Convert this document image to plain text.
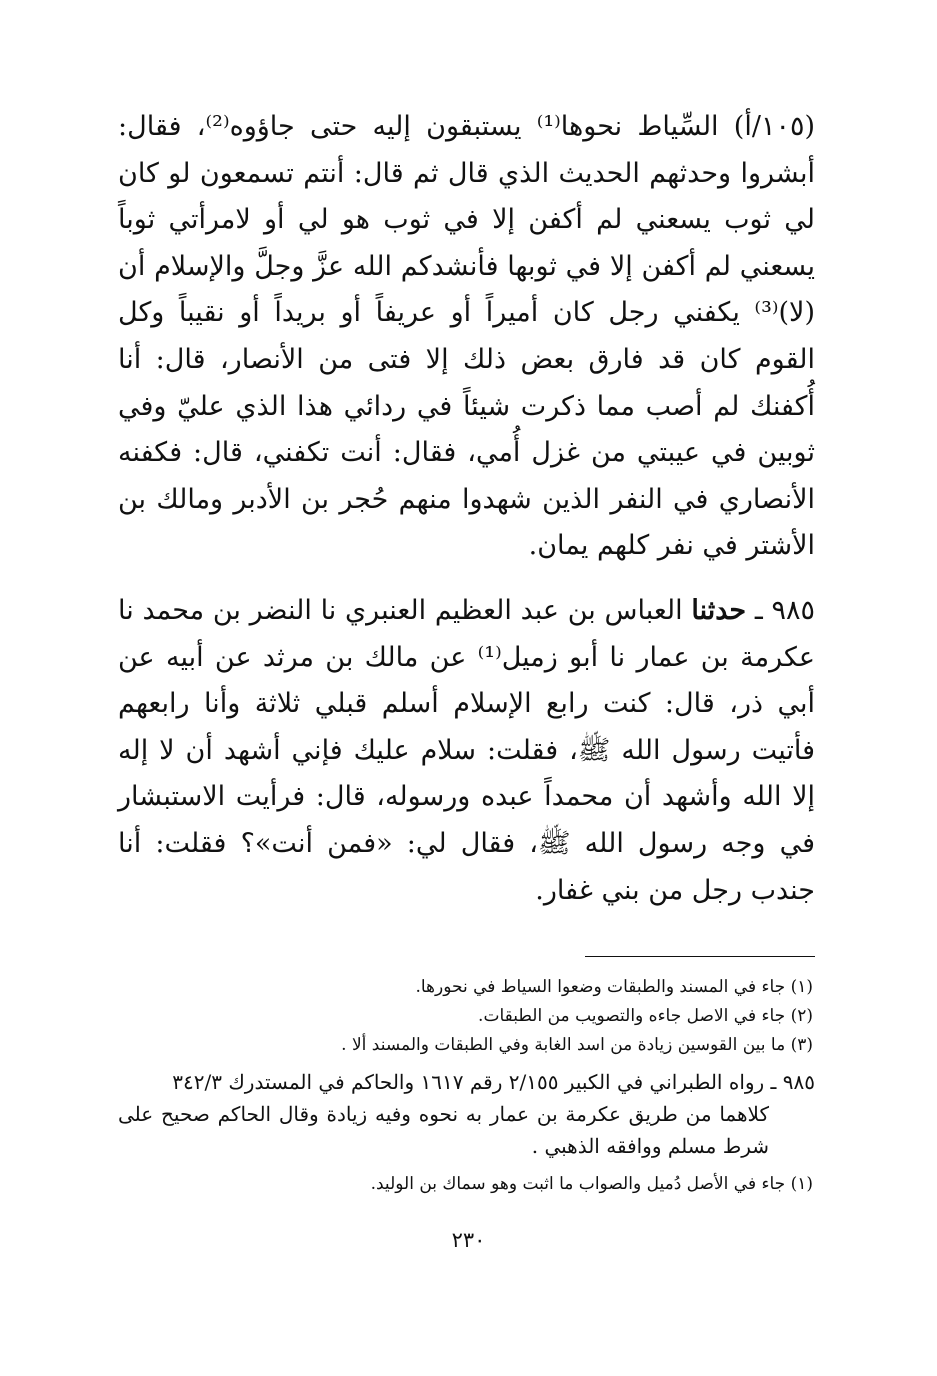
(١٠٥/أ) السِّياط نحوها⁽¹⁾ يستبقون إليه حتى جاؤوه⁽²⁾، فقال: أبشروا وحدثهم الحديث الذي قال ثم قال: أنتم تسمعون لو كان لي ثوب يسعني لم أكفن إلا في ثوب هو لي أو لامرأتي ثوباً يسعني لم أكفن إلا في ثوبها فأنشدكم الله عزَّ وجلَّ والإسلام أن (لا)⁽³⁾ يكفني رجل كان أميراً أو عريفاً أو بريداً أو نقيباً وكل القوم كان قد فارق بعض ذلك إلا فتى من الأنصار، قال: أنا أُكفنك لم أصب مما ذكرت شيئاً في ردائي هذا الذي عليّ وفي ثوبين في عيبتي من غزل أُمي، فقال: أنت تكفني، قال: فكفنه الأنصاري في النفر الذين شهدوا منهم حُجر بن الأدبر ومالك بن الأشتر في نفر كلهم يمان.

٩٨٥ ـ حدثنا العباس بن عبد العظيم العنبري نا النضر بن محمد نا عكرمة بن عمار نا أبو زميل⁽¹⁾ عن مالك بن مرثد عن أبيه عن أبي ذر، قال: كنت رابع الإسلام أسلم قبلي ثلاثة وأنا رابعهم فأتيت رسول الله ﷺ، فقلت: سلام عليك فإني أشهد أن لا إله إلا الله وأشهد أن محمداً عبده ورسوله، قال: فرأيت الاستبشار في وجه رسول الله ﷺ، فقال لي: «فمن أنت»؟ فقلت: أنا جندب رجل من بني غفار.

(١) جاء في المسند والطبقات وضعوا السياط في نحورها.

(٢) جاء في الاصل جاءه والتصويب من الطبقات.

(٣) ما بين القوسين زيادة من اسد الغابة وفي الطبقات والمسند ألا .

٩٨٥ ـ رواه الطبراني في الكبير ٢/١٥٥ رقم ١٦١٧ والحاكم في المستدرك ٣٤٢/٣
كلاهما من طريق عكرمة بن عمار به نحوه وفيه زيادة وقال الحاكم صحيح على شرط مسلم ووافقه الذهبي .

(١) جاء في الأصل دُميل والصواب ما اثبت وهو سماك بن الوليد.

٢٣٠
